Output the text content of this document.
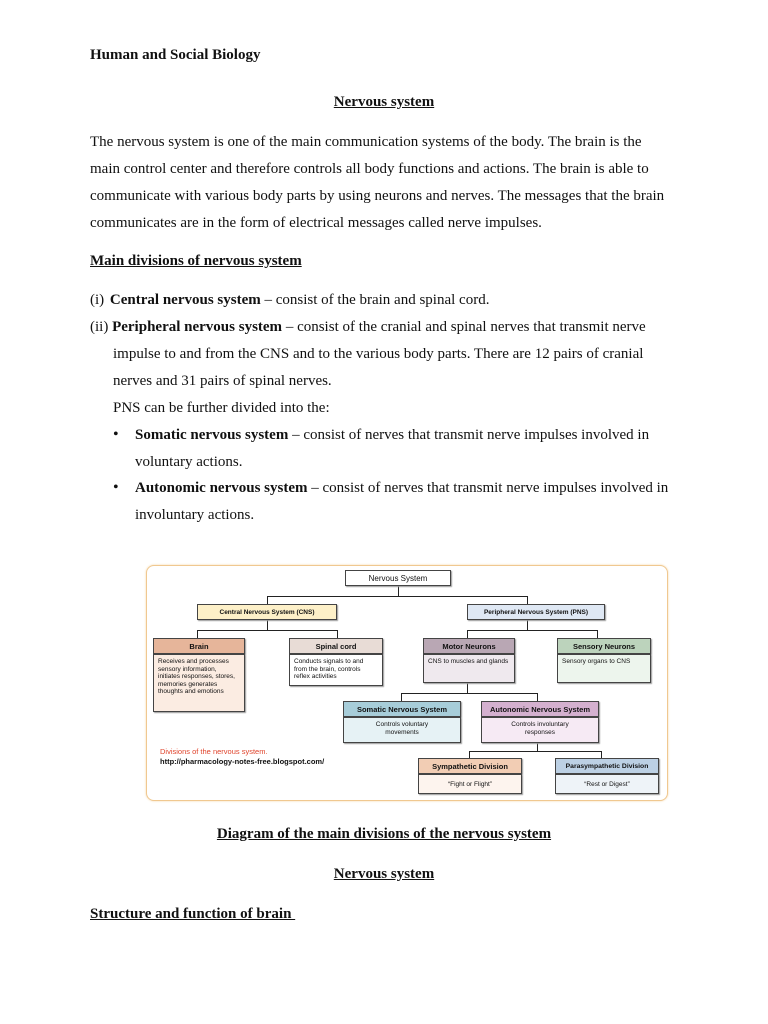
Human and Social Biology
Nervous system
The nervous system is one of the main communication systems of the body. The brain is the
main control center and therefore controls all body functions and actions. The brain is able to
communicate with various body parts by using neurons and nerves. The messages that the brain
communicates are in the form of electrical messages called nerve impulses.
Main divisions of nervous system
(i) Central nervous system – consist of the brain and spinal cord.
(ii) Peripheral nervous system – consist of the cranial and spinal nerves that transmit nerve
impulse to and from the CNS and to the various body parts. There are 12 pairs of cranial
nerves and 31 pairs of spinal nerves.
PNS can be further divided into the:
• Somatic nervous system – consist of nerves that transmit nerve impulses involved in
voluntary actions.
• Autonomic nervous system – consist of nerves that transmit nerve impulses involved in
involuntary actions.
Nervous System
Central Nervous System (CNS)	Peripheral Nervous System (PNS)
Brain
Receives and processes sensory information, initiates responses, stores, memories generates thoughts and emotions
Spinal cord
Conducts signals to and from the brain, controls reflex activities
Motor Neurons
CNS to muscles and glands
Sensory Neurons
Sensory organs to CNS
Somatic Nervous System
Controls voluntary movements
Autonomic Nervous System
Controls involuntary responses
Sympathetic Division
“Fight or Flight”
Parasympathetic Division
“Rest or Digest”
Divisions of the nervous system.
http://pharmacology-notes-free.blogspot.com/
Diagram of the main divisions of the nervous system
Nervous system
Structure and function of brain
